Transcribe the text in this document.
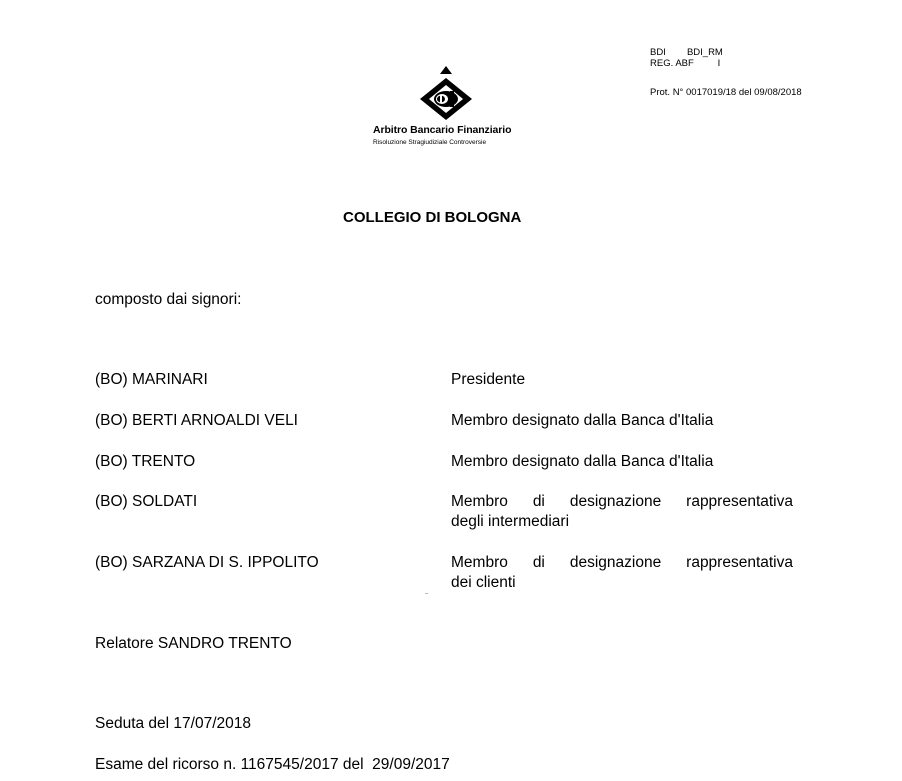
BDI        BDI_RM
REG. ABF         I
Prot. N° 0017019/18 del 09/08/2018
Arbitro Bancario Finanziario
Risoluzione Stragiudiziale Controversie
COLLEGIO DI BOLOGNA
composto dai signori:
(BO) MARINARI	Presidente
(BO) BERTI ARNOALDI VELI	Membro designato dalla Banca d'Italia
(BO) TRENTO	Membro designato dalla Banca d'Italia
(BO) SOLDATI	Membro di designazione rappresentativa
degli intermediari
(BO) SARZANA DI S. IPPOLITO	Membro di designazione rappresentativa
dei clienti
Relatore SANDRO TRENTO
Seduta del 17/07/2018
Esame del ricorso n. 1167545/2017 del  29/09/2017
